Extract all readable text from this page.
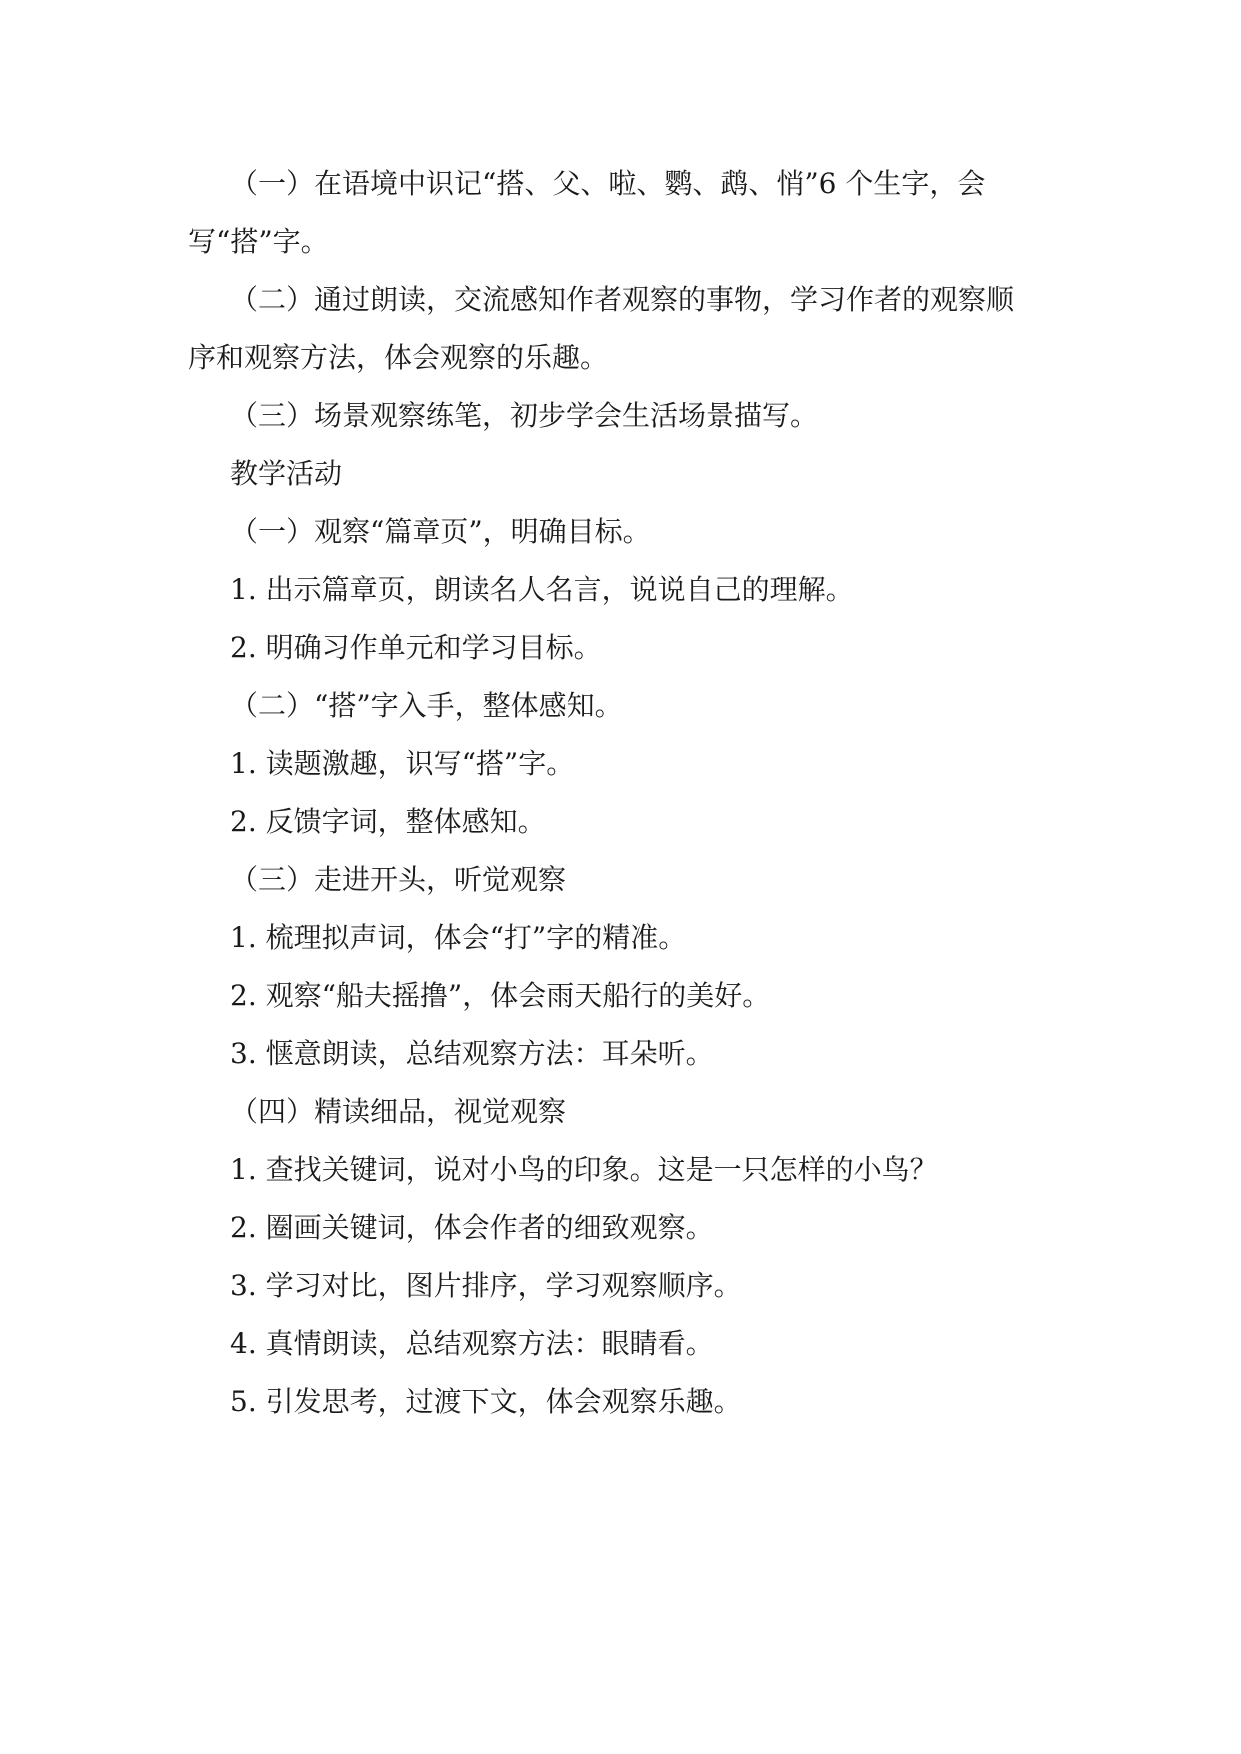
（一）在语境中识记“搭、父、啦、鹦、鹉、悄”6 个生字，会
写“搭”字。
（二）通过朗读，交流感知作者观察的事物，学习作者的观察顺
序和观察方法，体会观察的乐趣。
（三）场景观察练笔，初步学会生活场景描写。
教学活动
（一）观察“篇章页”，明确目标。
1. 出示篇章页，朗读名人名言，说说自己的理解。
2. 明确习作单元和学习目标。
（二）“搭”字入手，整体感知。
1. 读题激趣，识写“搭”字。
2. 反馈字词，整体感知。
（三）走进开头，听觉观察
1. 梳理拟声词，体会“打”字的精准。
2. 观察“船夫摇撸”，体会雨天船行的美好。
3. 惬意朗读，总结观察方法：耳朵听。
（四）精读细品，视觉观察
1. 查找关键词，说对小鸟的印象。这是一只怎样的小鸟？
2. 圈画关键词，体会作者的细致观察。
3. 学习对比，图片排序，学习观察顺序。
4. 真情朗读，总结观察方法：眼睛看。
5. 引发思考，过渡下文，体会观察乐趣。
